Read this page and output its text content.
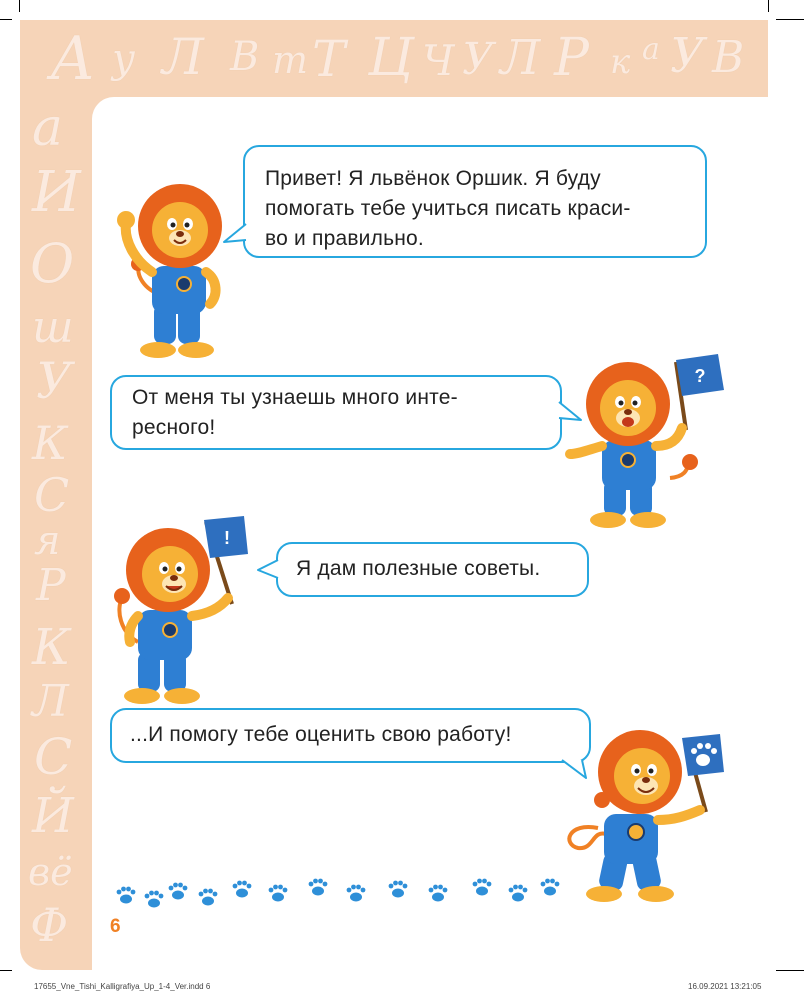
А у Л В т Т Ц Ч У Л Р к а У В
а
И
О
ш
У
К
С
я
Р
К
Л
С
Й
вё
Ф
Привет! Я львёнок Оршик. Я буду
помогать тебе учиться писать краси-
во и правильно.
От меня ты узнаешь много инте-
ресного!
?
!
Я дам полезные советы.
...И помогу тебе оценить свою работу!
6
17655_Vne_Tishi_Kalligrafiya_Up_1-4_Ver.indd 6	16.09.2021 13:21:05
